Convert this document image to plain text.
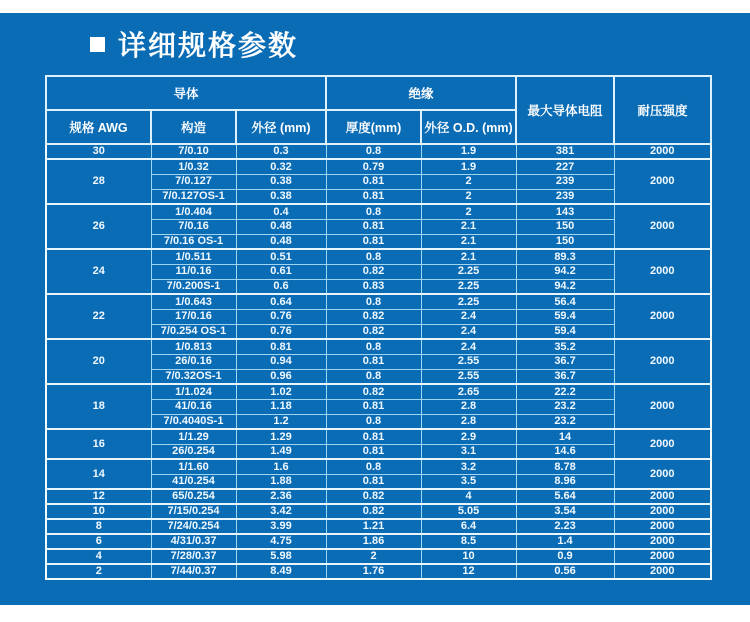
详细规格参数
导体			绝缘		最大导体电阻	耐压强度
规格 AWG	构造	外径 (mm)	厚度(mm)	外径 O.D. (mm)		
30	7/0.10	0.3	0.8	1.9	381	2000
28	1/0.32	0.32	0.79	1.9	227	2000
	7/0.127	0.38	0.81	2	239	
	7/0.127OS-1	0.38	0.81	2	239	
26	1/0.404	0.4	0.8	2	143	2000
	7/0.16	0.48	0.81	2.1	150	
	7/0.16 OS-1	0.48	0.81	2.1	150	
24	1/0.511	0.51	0.8	2.1	89.3	2000
	11/0.16	0.61	0.82	2.25	94.2	
	7/0.200S-1	0.6	0.83	2.25	94.2	
22	1/0.643	0.64	0.8	2.25	56.4	2000
	17/0.16	0.76	0.82	2.4	59.4	
	7/0.254 OS-1	0.76	0.82	2.4	59.4	
20	1/0.813	0.81	0.8	2.4	35.2	2000
	26/0.16	0.94	0.81	2.55	36.7	
	7/0.32OS-1	0.96	0.8	2.55	36.7	
18	1/1.024	1.02	0.82	2.65	22.2	2000
	41/0.16	1.18	0.81	2.8	23.2	
	7/0.4040S-1	1.2	0.8	2.8	23.2	
16	1/1.29	1.29	0.81	2.9	14	2000
	26/0.254	1.49	0.81	3.1	14.6	
14	1/1.60	1.6	0.8	3.2	8.78	2000
	41/0.254	1.88	0.81	3.5	8.96	
12	65/0.254	2.36	0.82	4	5.64	2000
10	7/15/0.254	3.42	0.82	5.05	3.54	2000
8	7/24/0.254	3.99	1.21	6.4	2.23	2000
6	4/31/0.37	4.75	1.86	8.5	1.4	2000
4	7/28/0.37	5.98	2	10	0.9	2000
2	7/44/0.37	8.49	1.76	12	0.56	2000
